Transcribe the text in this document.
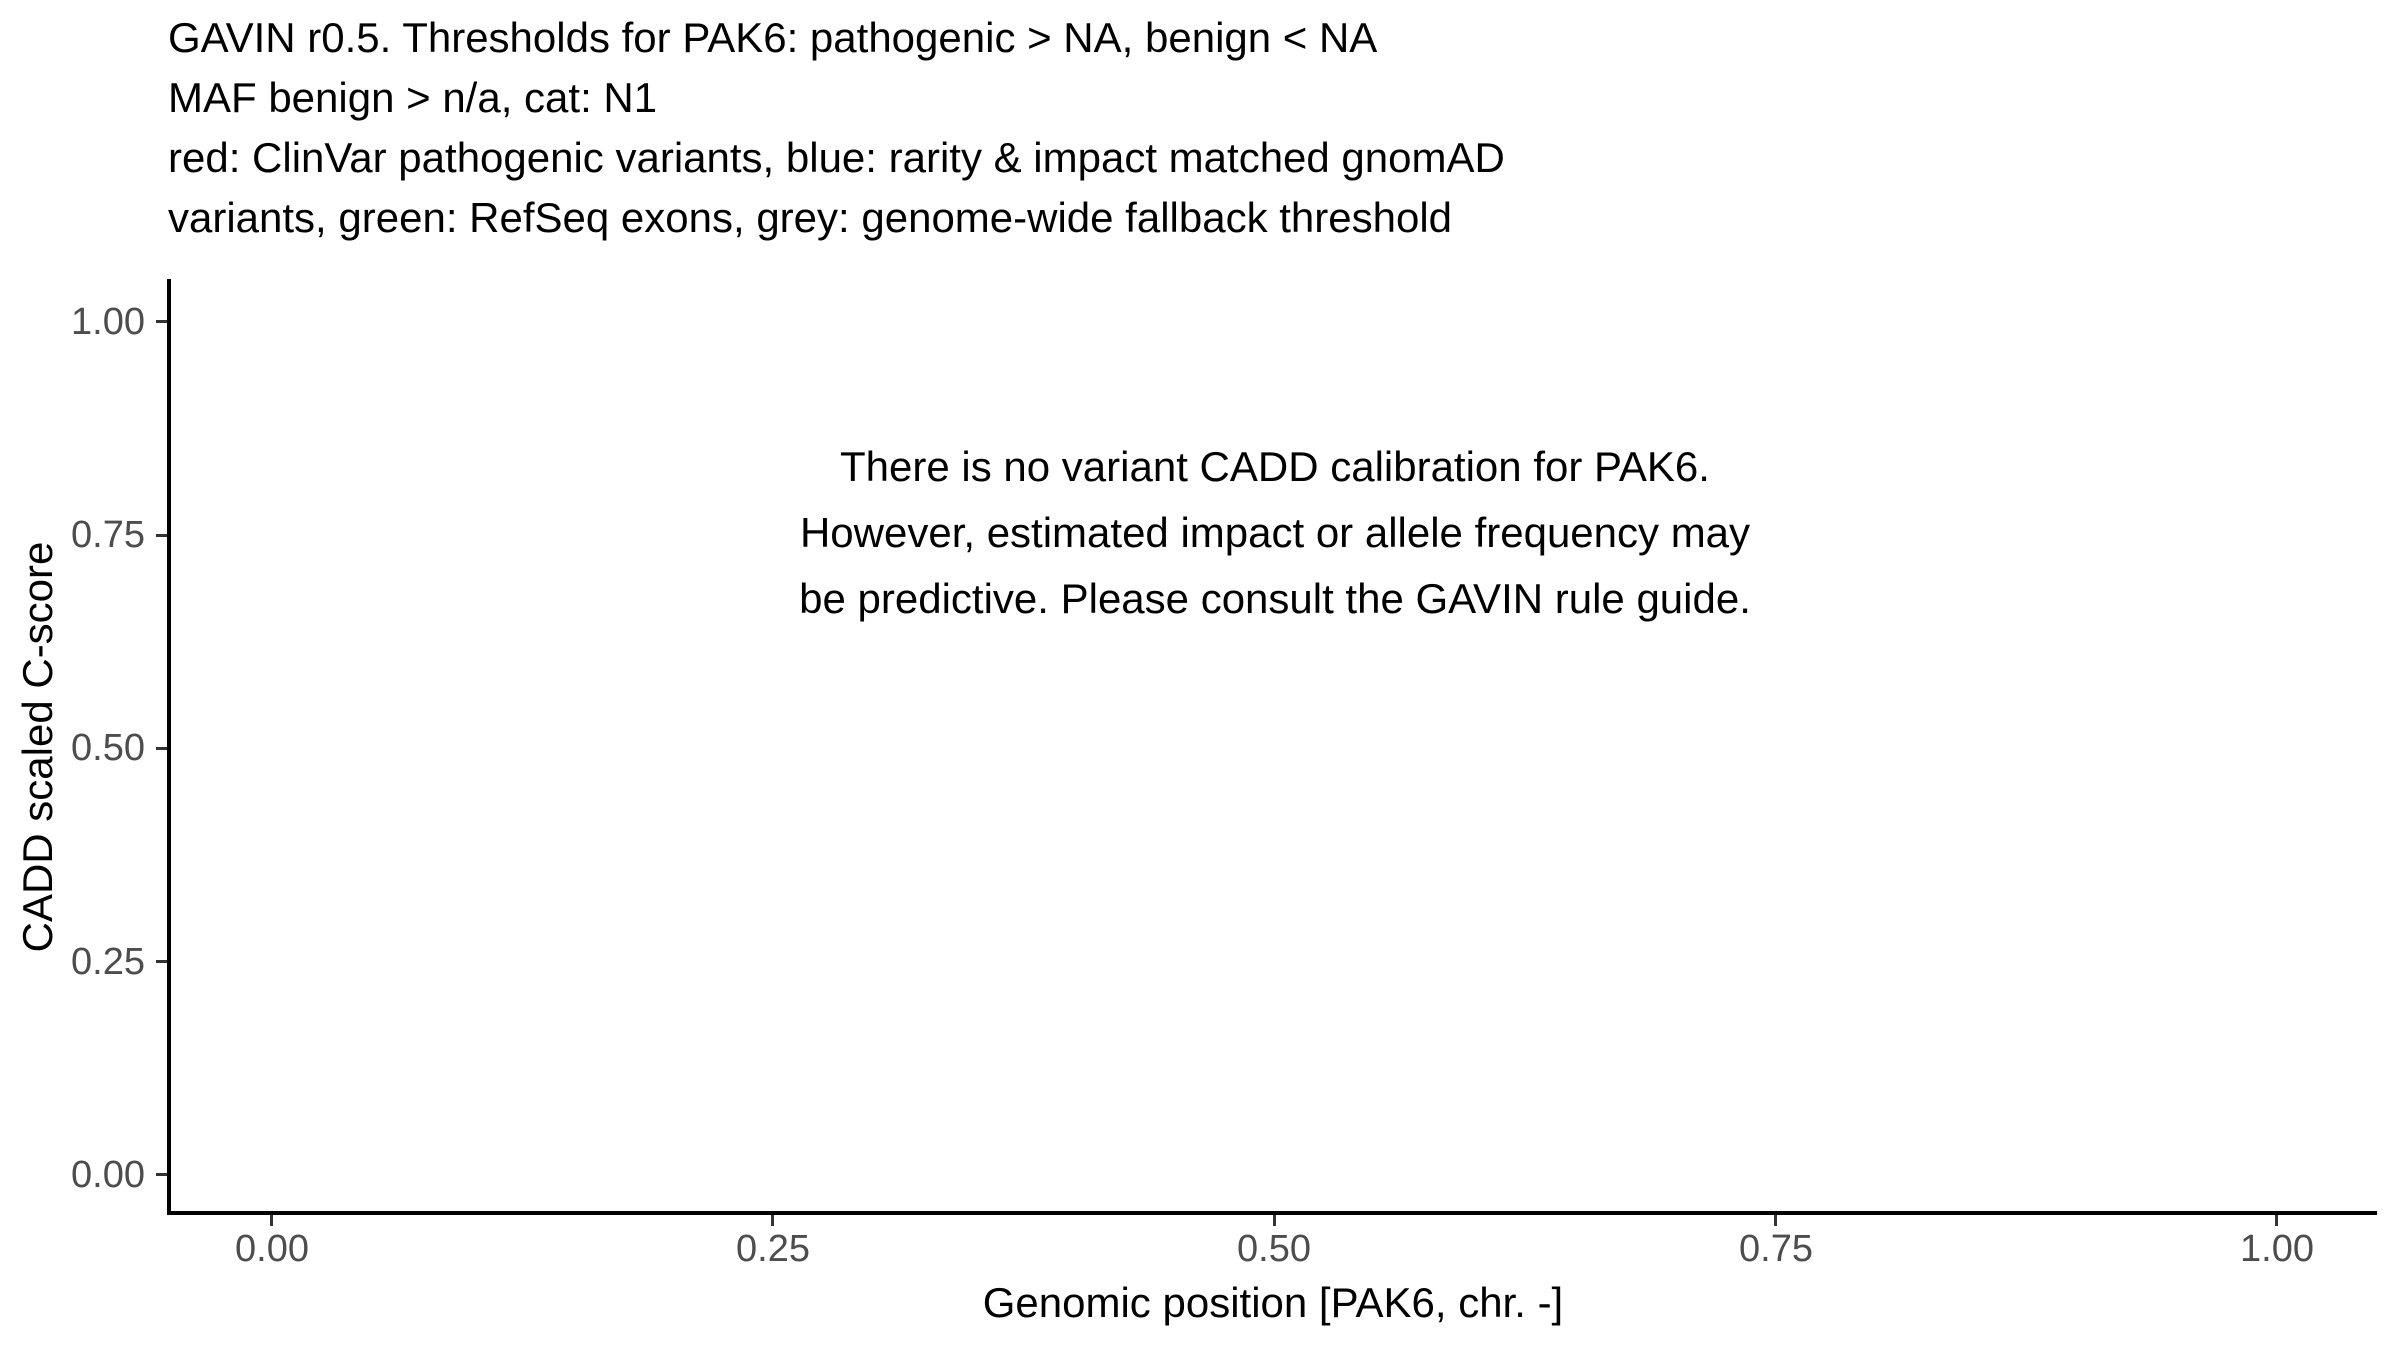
GAVIN r0.5. Thresholds for PAK6: pathogenic > NA, benign < NA
MAF benign > n/a, cat: N1
red: ClinVar pathogenic variants, blue: rarity & impact matched gnomAD
variants, green: RefSeq exons, grey: genome-wide fallback threshold
1.00
0.75
0.50
0.25
0.00
0.00	0.25	0.50	0.75	1.00
Genomic position [PAK6, chr. -]
CADD scaled C-score
There is no variant CADD calibration for PAK6.
However, estimated impact or allele frequency may
be predictive. Please consult the GAVIN rule guide.
